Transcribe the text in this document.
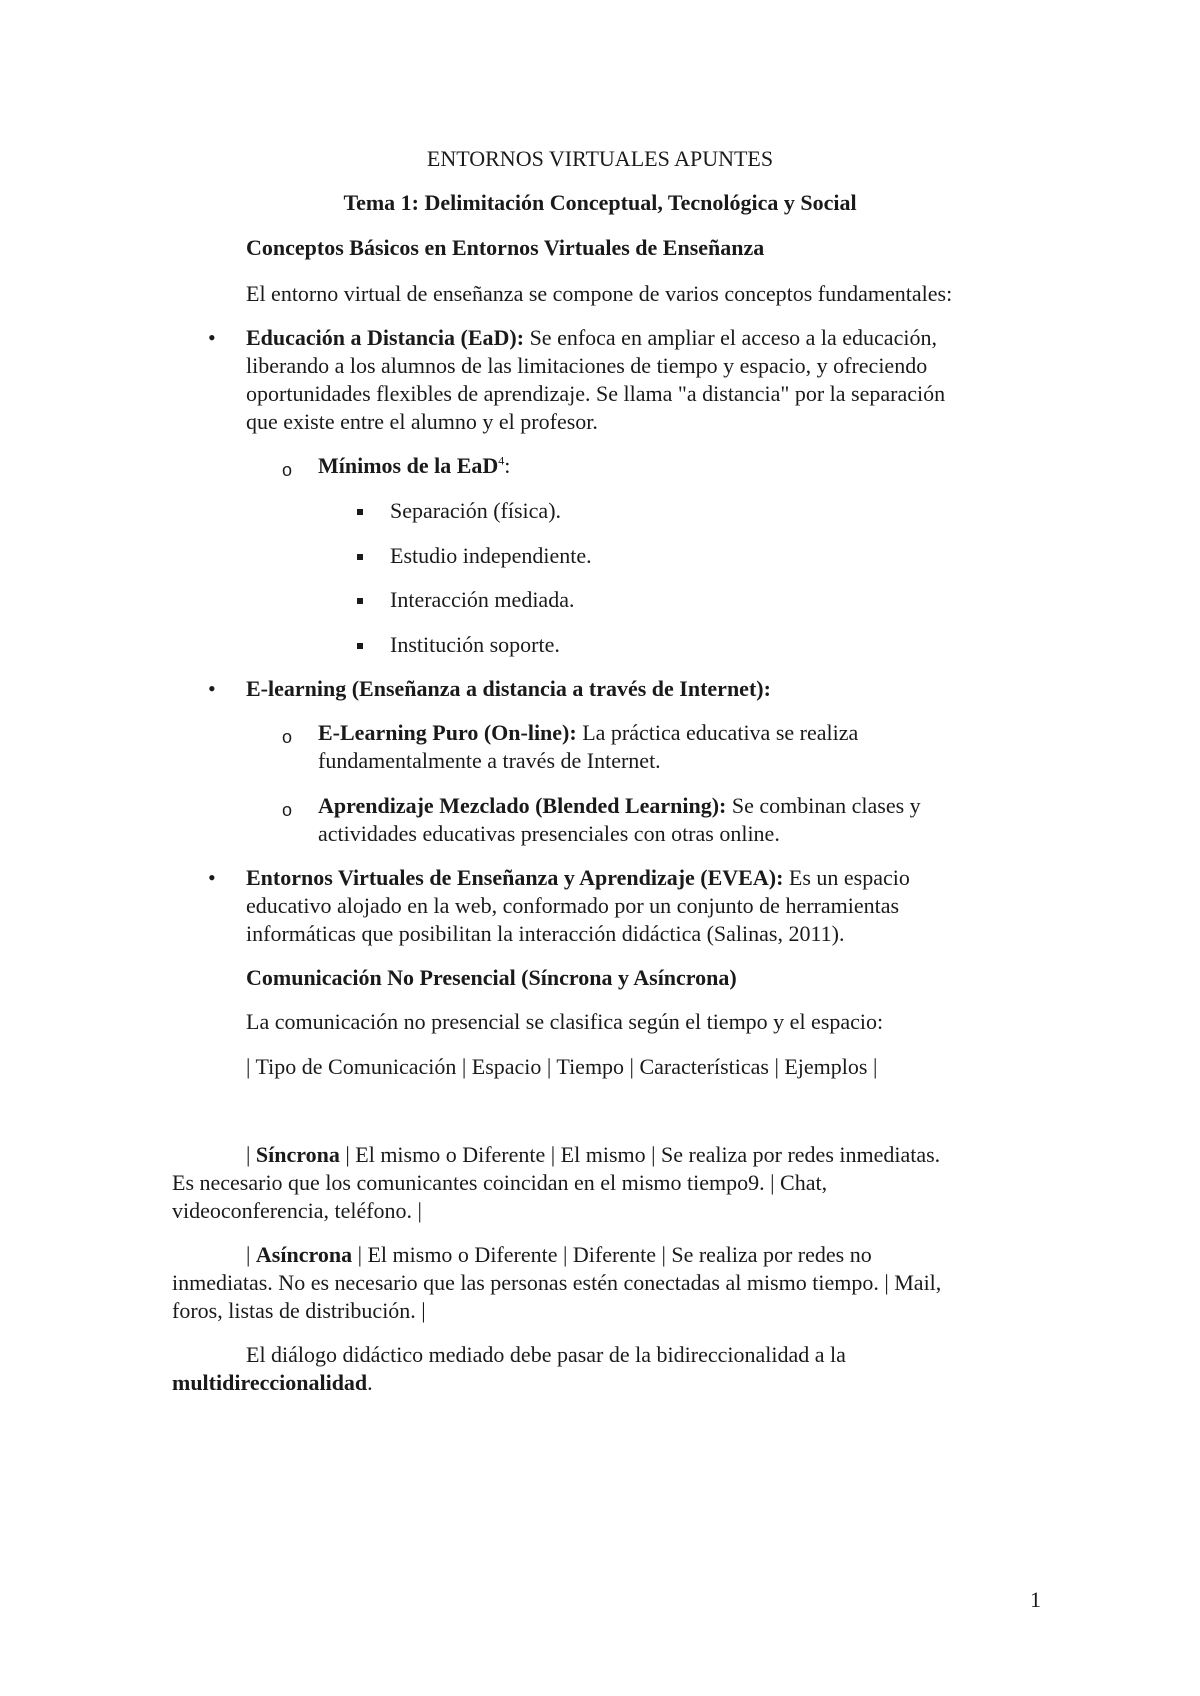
ENTORNOS VIRTUALES APUNTES
Tema 1: Delimitación Conceptual, Tecnológica y Social
Conceptos Básicos en Entornos Virtuales de Enseñanza
El entorno virtual de enseñanza se compone de varios conceptos fundamentales:
• Educación a Distancia (EaD): Se enfoca en ampliar el acceso a la educación,
liberando a los alumnos de las limitaciones de tiempo y espacio, y ofreciendo
oportunidades flexibles de aprendizaje. Se llama "a distancia" por la separación
que existe entre el alumno y el profesor.
o Mínimos de la EaD$^4$:
Separación (física).
Estudio independiente.
Interacción mediada.
Institución soporte.
• E-learning (Enseñanza a distancia a través de Internet):
o E-Learning Puro (On-line): La práctica educativa se realiza
fundamentalmente a través de Internet.
o Aprendizaje Mezclado (Blended Learning): Se combinan clases y
actividades educativas presenciales con otras online.
• Entornos Virtuales de Enseñanza y Aprendizaje (EVEA): Es un espacio
educativo alojado en la web, conformado por un conjunto de herramientas
informáticas que posibilitan la interacción didáctica (Salinas, 2011).
Comunicación No Presencial (Síncrona y Asíncrona)
La comunicación no presencial se clasifica según el tiempo y el espacio:
| Tipo de Comunicación | Espacio | Tiempo | Características | Ejemplos |
| Síncrona | El mismo o Diferente | El mismo | Se realiza por redes inmediatas.
Es necesario que los comunicantes coincidan en el mismo tiempo9. | Chat,
videoconferencia, teléfono. |
| Asíncrona | El mismo o Diferente | Diferente | Se realiza por redes no
inmediatas. No es necesario que las personas estén conectadas al mismo tiempo. | Mail,
foros, listas de distribución. |
El diálogo didáctico mediado debe pasar de la bidireccionalidad a la
multidireccionalidad.
1
